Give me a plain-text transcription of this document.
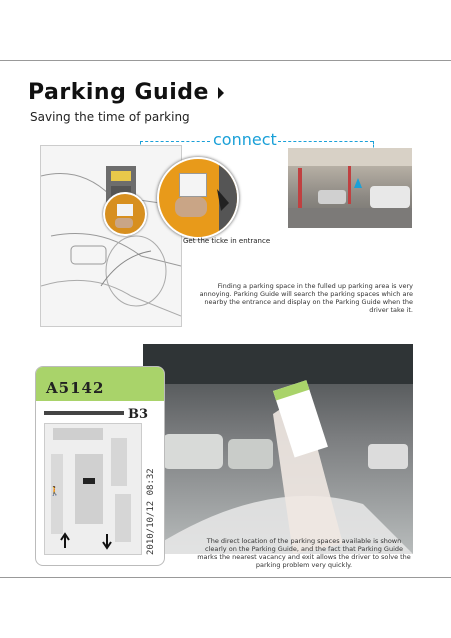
Parking Guide
Saving the time of parking
connect
Get the ticke in entrance
Finding a parking space in the fulled up parking area is very annoying. Parking Guide will search the parking spaces which are nearby the entrance and display on the Parking Guide when the driver take it.
A5142
B3
🚶	2010/10/12 08:32	The direct location of the parking spaces available is shown clearly on the Parking Guide, and the fact that Parking Guide marks the nearest vacancy and exit allows the driver to solve the parking problem very quickly.
